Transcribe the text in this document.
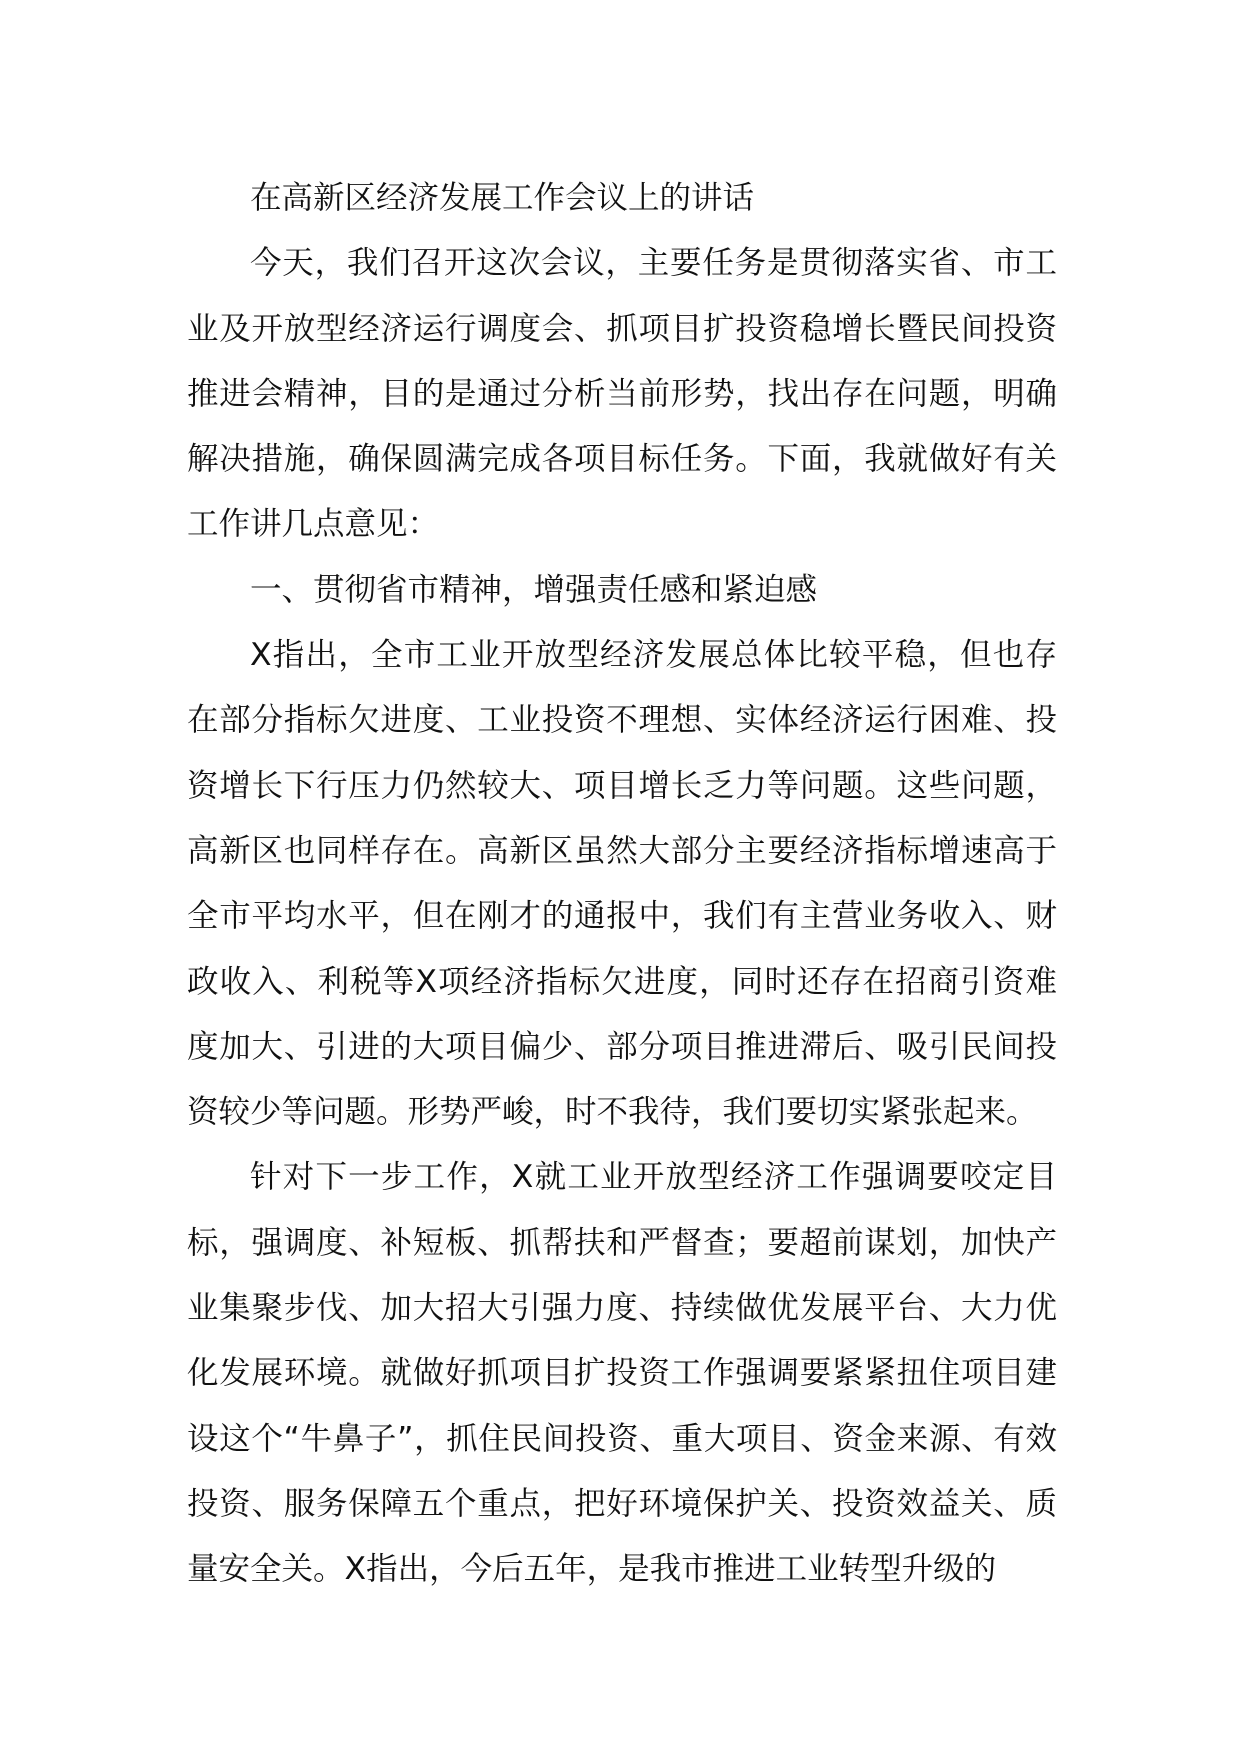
在高新区经济发展工作会议上的讲话

今天，我们召开这次会议，主要任务是贯彻落实省、市工业及开放型经济运行调度会、抓项目扩投资稳增长暨民间投资推进会精神，目的是通过分析当前形势，找出存在问题，明确解决措施，确保圆满完成各项目标任务。下面，我就做好有关工作讲几点意见：

一、贯彻省市精神，增强责任感和紧迫感

X指出，全市工业开放型经济发展总体比较平稳，但也存在部分指标欠进度、工业投资不理想、实体经济运行困难、投资增长下行压力仍然较大、项目增长乏力等问题。这些问题，高新区也同样存在。高新区虽然大部分主要经济指标增速高于全市平均水平，但在刚才的通报中，我们有主营业务收入、财政收入、利税等X项经济指标欠进度，同时还存在招商引资难度加大、引进的大项目偏少、部分项目推进滞后、吸引民间投资较少等问题。形势严峻，时不我待，我们要切实紧张起来。

针对下一步工作，X就工业开放型经济工作强调要咬定目标，强调度、补短板、抓帮扶和严督查；要超前谋划，加快产业集聚步伐、加大招大引强力度、持续做优发展平台、大力优化发展环境。就做好抓项目扩投资工作强调要紧紧扭住项目建设这个“牛鼻子”，抓住民间投资、重大项目、资金来源、有效投资、服务保障五个重点，把好环境保护关、投资效益关、质量安全关。X指出，今后五年，是我市推进工业转型升级的
